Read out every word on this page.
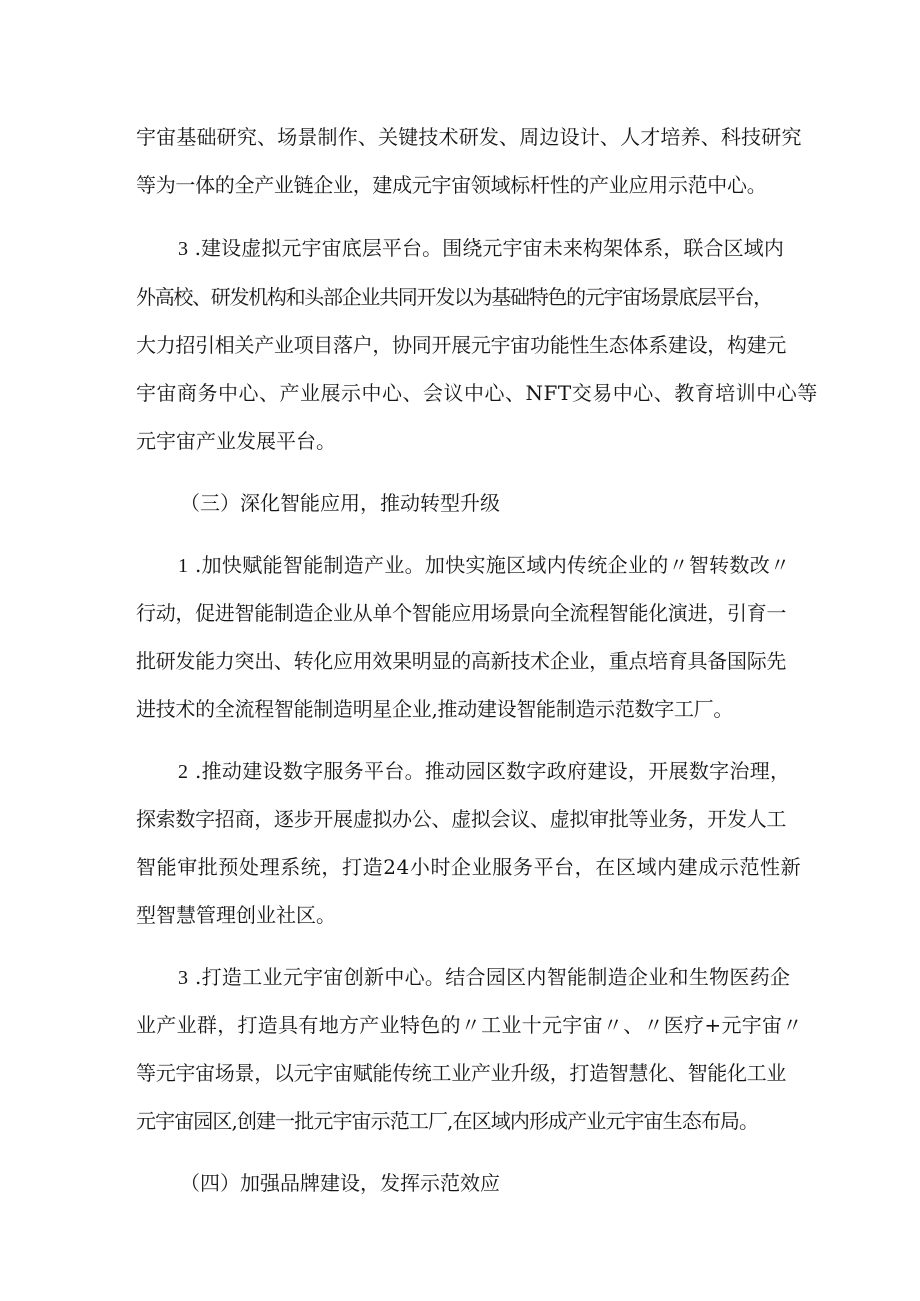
宇宙基础研究、场景制作、关键技术研发、周边设计、人才培养、科技研究
等为一体的全产业链企业，建成元宇宙领域标杆性的产业应用示范中心。
3 .建设虚拟元宇宙底层平台。围绕元宇宙未来构架体系，联合区域内
外高校、研发机构和头部企业共同开发以为基础特色的元宇宙场景底层平台，
大力招引相关产业项目落户，协同开展元宇宙功能性生态体系建设，构建元
宇宙商务中心、产业展示中心、会议中心、NFT交易中心、教育培训中心等
元宇宙产业发展平台。
（三）深化智能应用，推动转型升级
1 .加快赋能智能制造产业。加快实施区域内传统企业的〃智转数改〃
行动，促进智能制造企业从单个智能应用场景向全流程智能化演进，引育一
批研发能力突出、转化应用效果明显的高新技术企业，重点培育具备国际先
进技术的全流程智能制造明星企业,推动建设智能制造示范数字工厂。
2 .推动建设数字服务平台。推动园区数字政府建设，开展数字治理，
探索数字招商，逐步开展虚拟办公、虚拟会议、虚拟审批等业务，开发人工
智能审批预处理系统，打造24小时企业服务平台，在区域内建成示范性新
型智慧管理创业社区。
3 .打造工业元宇宙创新中心。结合园区内智能制造企业和生物医药企
业产业群，打造具有地方产业特色的〃工业十元宇宙〃、〃医疗+元宇宙〃
等元宇宙场景，以元宇宙赋能传统工业产业升级，打造智慧化、智能化工业
元宇宙园区,创建一批元宇宙示范工厂,在区域内形成产业元宇宙生态布局。
（四）加强品牌建设，发挥示范效应
